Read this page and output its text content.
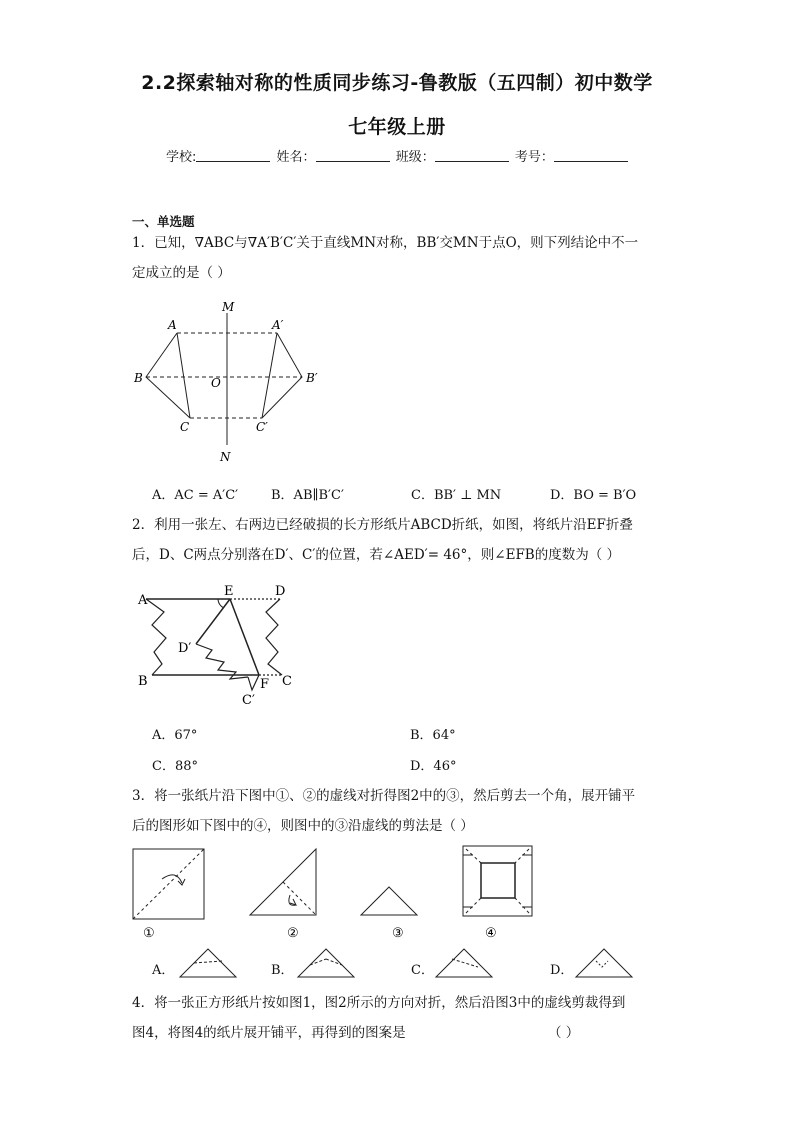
2.2探索轴对称的性质同步练习-鲁教版（五四制）初中数学
七年级上册
学校:	姓名：	班级：	考号：
一、单选题
1．已知，∇ABC与∇A′B′C′关于直线MN对称，BB′交MN于点O，则下列结论中不一
定成立的是（ ）
M
N
O
A
B
C
A′
B′
C′
A．AC = A′C′	B．AB∥B′C′	C．BB′ ⊥ MN	D．BO = B′O
2．利用一张左、右两边已经破损的长方形纸片ABCD折纸，如图，将纸片沿EF折叠
后，D、C两点分别落在D′、C′的位置，若∠AED′= 46°，则∠EFB的度数为（ ）
A
E	D
D′
B	F C
C′
A．67°	B．64°
C．88°	D．46°
3．将一张纸片沿下图中①、②的虚线对折得图2中的③，然后剪去一个角，展开铺平
后的图形如下图中的④，则图中的③沿虚线的剪法是（ ）
①	②	③	④
A．	B．	C．	D．
4．将一张正方形纸片按如图1，图2所示的方向对折，然后沿图3中的虚线剪裁得到
图4，将图4的纸片展开铺平，再得到的图案是	（ ）
